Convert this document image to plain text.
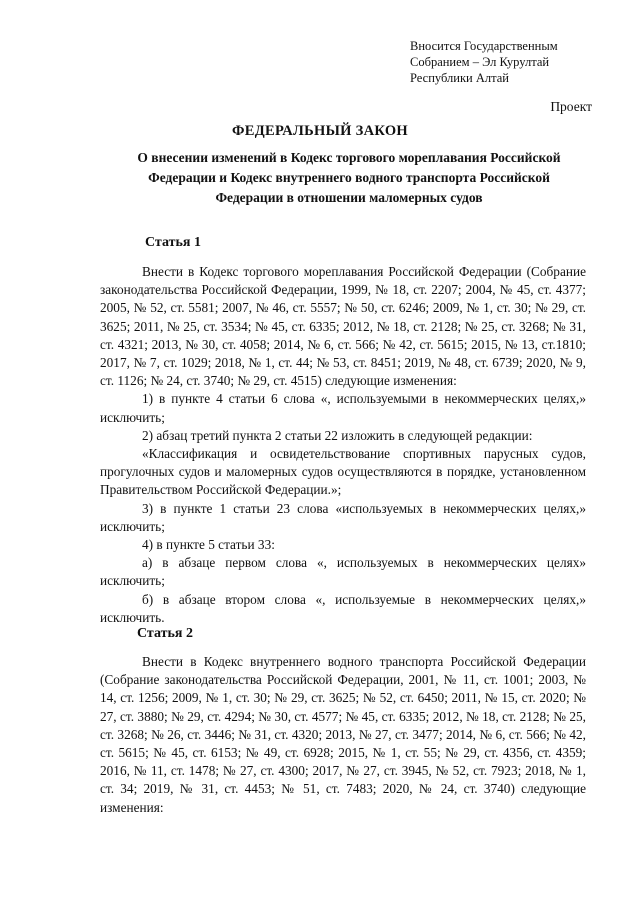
Вносится Государственным
Собранием – Эл Курултай
Республики Алтай
Проект
ФЕДЕРАЛЬНЫЙ ЗАКОН
О внесении изменений в Кодекс торгового мореплавания Российской
Федерации и Кодекс внутреннего водного транспорта Российской
Федерации в отношении маломерных судов
Статья 1

Внести в Кодекс торгового мореплавания Российской Федерации (Собрание законодательства Российской Федерации, 1999, № 18, ст. 2207; 2004, № 45, ст. 4377; 2005, № 52, ст. 5581; 2007, № 46, ст. 5557; № 50, ст. 6246; 2009, № 1, ст. 30; № 29, ст. 3625; 2011, № 25, ст. 3534; № 45, ст. 6335; 2012, № 18, ст. 2128; № 25, ст. 3268; № 31, ст. 4321; 2013, № 30, ст. 4058; 2014, № 6, ст. 566; № 42, ст. 5615; 2015, № 13, ст.1810; 2017, № 7, ст. 1029; 2018, № 1, ст. 44; № 53, ст. 8451; 2019, № 48, ст. 6739; 2020, № 9, ст. 1126; № 24, ст. 3740; № 29, ст. 4515) следующие изменения:

1) в пункте 4 статьи 6 слова «, используемыми в некоммерческих целях,» исключить;

2) абзац третий пункта 2 статьи 22 изложить в следующей редакции:

«Классификация и освидетельствование спортивных парусных судов, прогулочных судов и маломерных судов осуществляются в порядке, установленном Правительством Российской Федерации.»;

3) в пункте 1 статьи 23 слова «используемых в некоммерческих целях,» исключить;

4) в пункте 5 статьи 33:

а) в абзаце первом слова «, используемых в некоммерческих целях» исключить;

б) в абзаце втором слова «, используемые в некоммерческих целях,» исключить.

Статья 2

Внести в Кодекс внутреннего водного транспорта Российской Федерации (Собрание законодательства Российской Федерации, 2001, № 11, ст. 1001; 2003, № 14, ст. 1256; 2009, № 1, ст. 30; № 29, ст. 3625; № 52, ст. 6450; 2011, № 15, ст. 2020; № 27, ст. 3880; № 29, ст. 4294; № 30, ст. 4577; № 45, ст. 6335; 2012, № 18, ст. 2128; № 25, ст. 3268; № 26, ст. 3446; № 31, ст. 4320; 2013, № 27, ст. 3477; 2014, № 6, ст. 566; № 42, ст. 5615; № 45, ст. 6153; № 49, ст. 6928; 2015, № 1, ст. 55; № 29, ст. 4356, ст. 4359; 2016, № 11, ст. 1478; № 27, ст. 4300; 2017, № 27, ст. 3945, № 52, ст. 7923; 2018, № 1, ст. 34; 2019, № 31, ст. 4453; № 51, ст. 7483; 2020, № 24, ст. 3740) следующие изменения:
